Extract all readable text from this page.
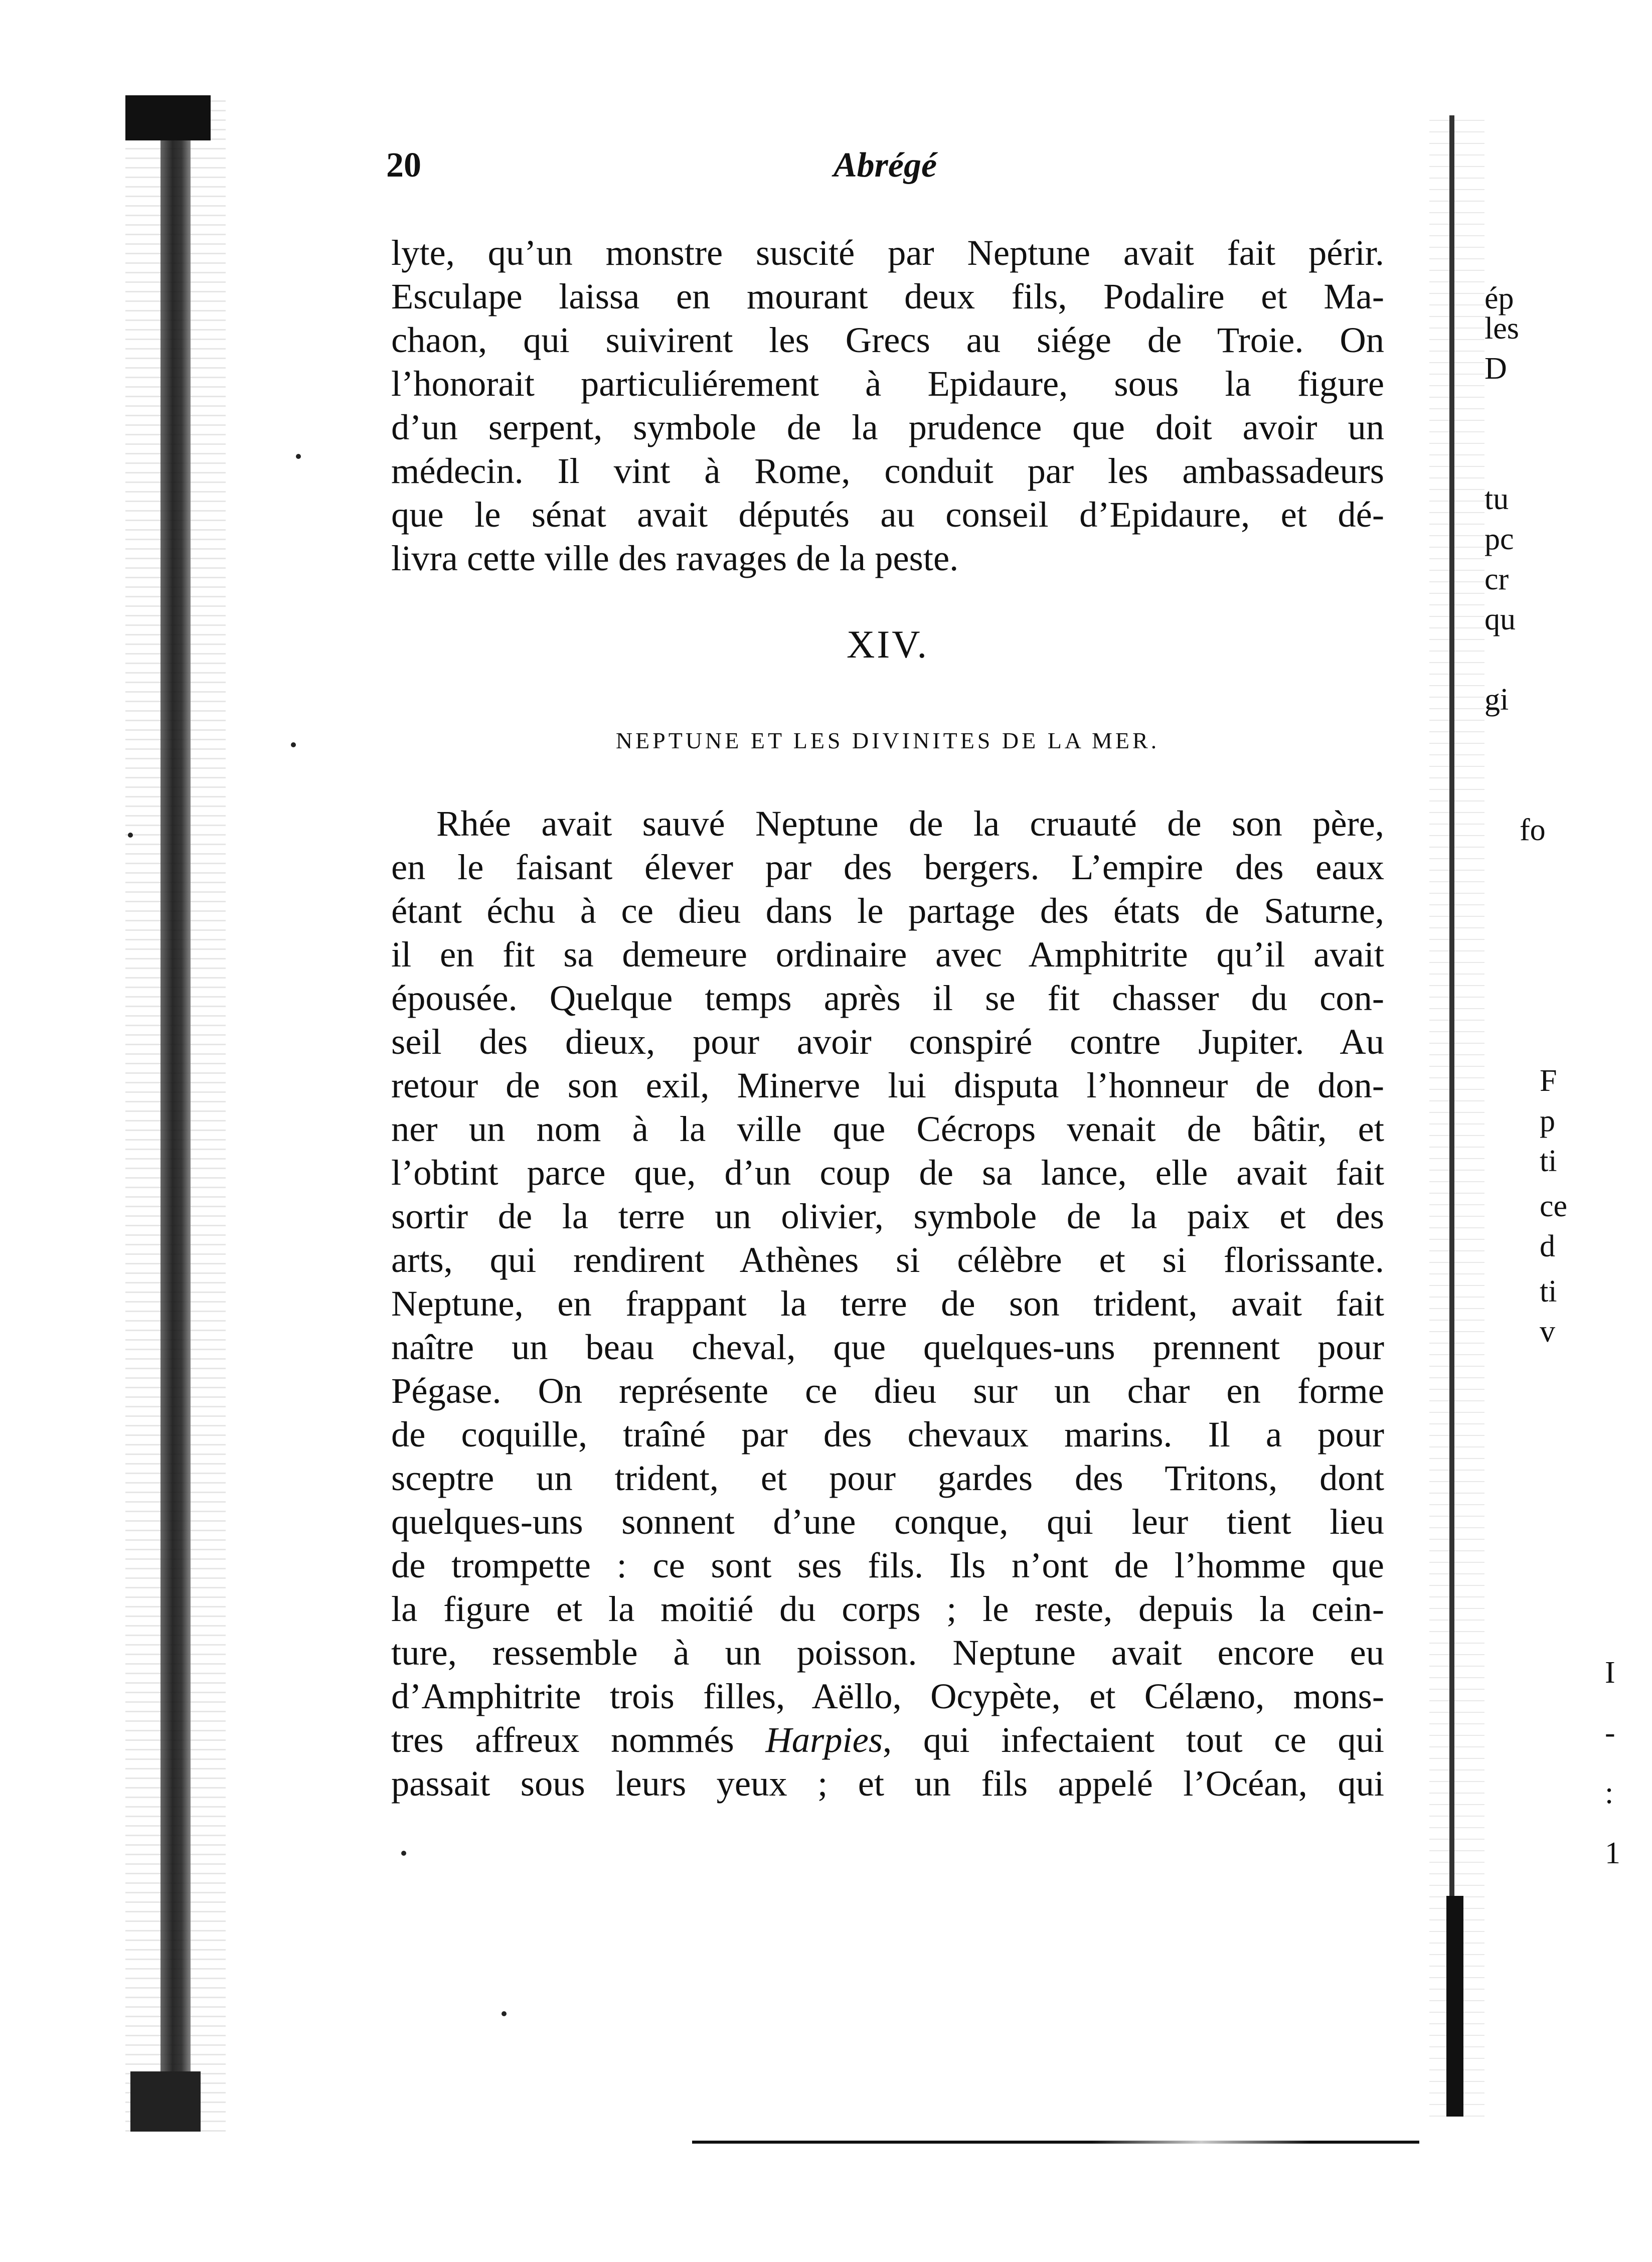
ép
les
D
tu
pc
cr
qu
gi
fo
F
p
ti
ce
d
ti
v
I
-
:
1
20	Abrégé
lyte, qu’un monstre suscité par Neptune avait fait périr.
Esculape laissa en mourant deux fils, Podalire et Ma-
chaon, qui suivirent les Grecs au siége de Troie. On
l’honorait particuliérement à Epidaure, sous la figure
d’un serpent, symbole de la prudence que doit avoir un
médecin. Il vint à Rome, conduit par les ambassadeurs
que le sénat avait députés au conseil d’Epidaure, et dé-
livra cette ville des ravages de la peste.
XIV.
NEPTUNE ET LES DIVINITES DE LA MER.
Rhée avait sauvé Neptune de la cruauté de son père,
en le faisant élever par des bergers. L’empire des eaux
étant échu à ce dieu dans le partage des états de Saturne,
il en fit sa demeure ordinaire avec Amphitrite qu’il avait
épousée. Quelque temps après il se fit chasser du con-
seil des dieux, pour avoir conspiré contre Jupiter. Au
retour de son exil, Minerve lui disputa l’honneur de don-
ner un nom à la ville que Cécrops venait de bâtir, et
l’obtint parce que, d’un coup de sa lance, elle avait fait
sortir de la terre un olivier, symbole de la paix et des
arts, qui rendirent Athènes si célèbre et si florissante.
Neptune, en frappant la terre de son trident, avait fait
naître un beau cheval, que quelques-uns prennent pour
Pégase. On représente ce dieu sur un char en forme
de coquille, traîné par des chevaux marins. Il a pour
sceptre un trident, et pour gardes des Tritons, dont
quelques-uns sonnent d’une conque, qui leur tient lieu
de trompette : ce sont ses fils. Ils n’ont de l’homme que
la figure et la moitié du corps ; le reste, depuis la cein-
ture, ressemble à un poisson. Neptune avait encore eu
d’Amphitrite trois filles, Aëllo, Ocypète, et Célæno, mons-
tres affreux nommés Harpies, qui infectaient tout ce qui
passait sous leurs yeux ; et un fils appelé l’Océan, qui
